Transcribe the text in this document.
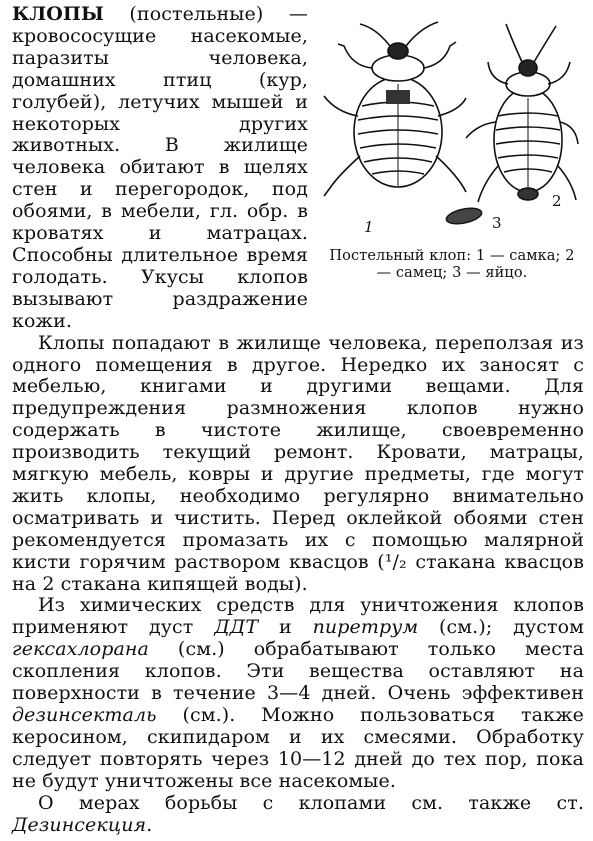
1
2
3
Постельный клоп: 1 — самка; 2 — самец; 3 — яйцо.

КЛОПЫ (постельные) — кровососущие насекомые, паразиты человека, домашних птиц (кур, голубей), летучих мышей и некоторых других животных. В жилище человека обитают в щелях стен и перегородок, под обоями, в мебели, гл. обр. в кроватях и матрацах. Способны длительное время голодать. Укусы клопов вызывают раздражение кожи.

Клопы попадают в жилище человека, переползая из одного помещения в другое. Нередко их заносят с мебелью, книгами и другими вещами. Для предупреждения размножения клопов нужно содержать в чистоте жилище, своевременно производить текущий ремонт. Кровати, матрацы, мягкую мебель, ковры и другие предметы, где могут жить клопы, необходимо регулярно внимательно осматривать и чистить. Перед оклейкой обоями стен рекомендуется промазать их с помощью малярной кисти горячим раствором квасцов (¹/₂ стакана квасцов на 2 стакана кипящей воды).

Из химических средств для уничтожения клопов применяют дуст ДДТ и пиретрум (см.); дустом гексахлорана (см.) обрабатывают только места скопления клопов. Эти вещества оставляют на поверхности в течение 3—4 дней. Очень эффективен дезинсекталь (см.). Можно пользоваться также керосином, скипидаром и их смесями. Обработку следует повторять через 10—12 дней до тех пор, пока не будут уничтожены все насекомые.

О мерах борьбы с клопами см. также ст. Дезинсекция.
